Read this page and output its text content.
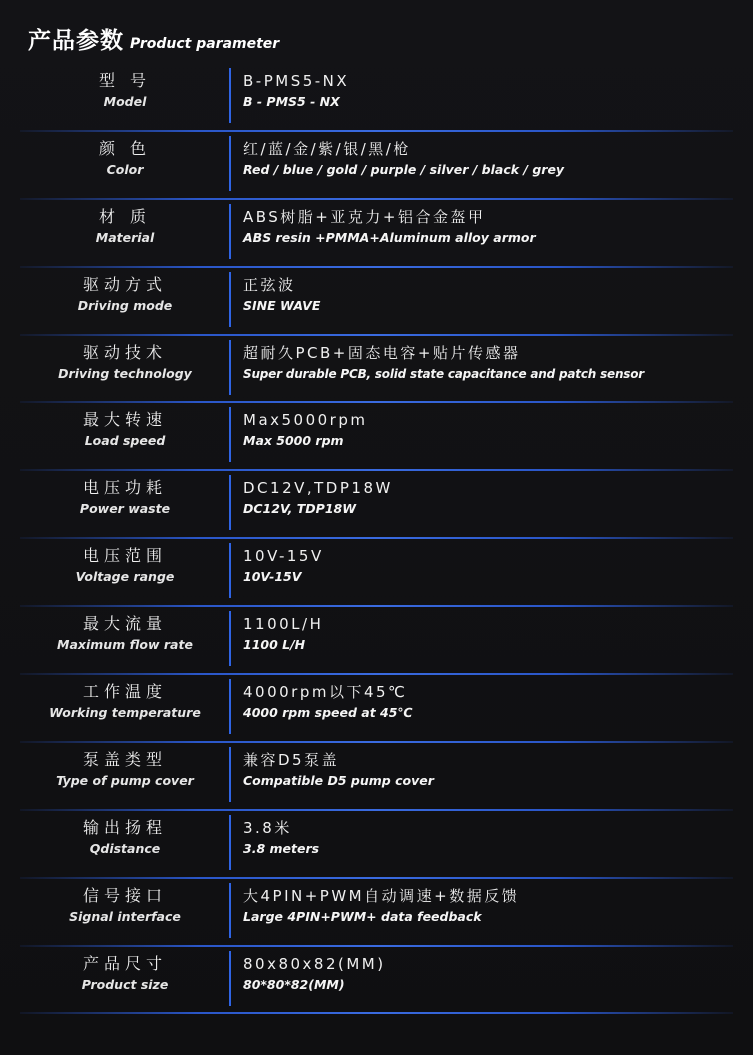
产品参数 Product parameter
型 号
Model
B-PMS5-NX
B - PMS5 - NX
颜 色
Color
红/蓝/金/紫/银/黑/枪
Red / blue / gold / purple / silver / black / grey
材 质
Material
ABS树脂+亚克力+铝合金盔甲
ABS resin +PMMA+Aluminum alloy armor
驱动方式
Driving mode
正弦波
SINE WAVE
驱动技术
Driving technology
超耐久PCB+固态电容+贴片传感器
Super durable PCB, solid state capacitance and patch sensor
最大转速
Load speed
Max5000rpm
Max 5000 rpm
电压功耗
Power waste
DC12V,TDP18W
DC12V, TDP18W
电压范围
Voltage range
10V-15V
10V-15V
最大流量
Maximum flow rate
1100L/H
1100 L/H
工作温度
Working temperature
4000rpm以下45℃
4000 rpm speed at 45℃
泵盖类型
Type of pump cover
兼容D5泵盖
Compatible D5 pump cover
输出扬程
Qdistance
3.8米
3.8 meters
信号接口
Signal interface
大4PIN+PWM自动调速+数据反馈
Large 4PIN+PWM+ data feedback
产品尺寸
Product size
80x80x82(MM)
80*80*82(MM)
